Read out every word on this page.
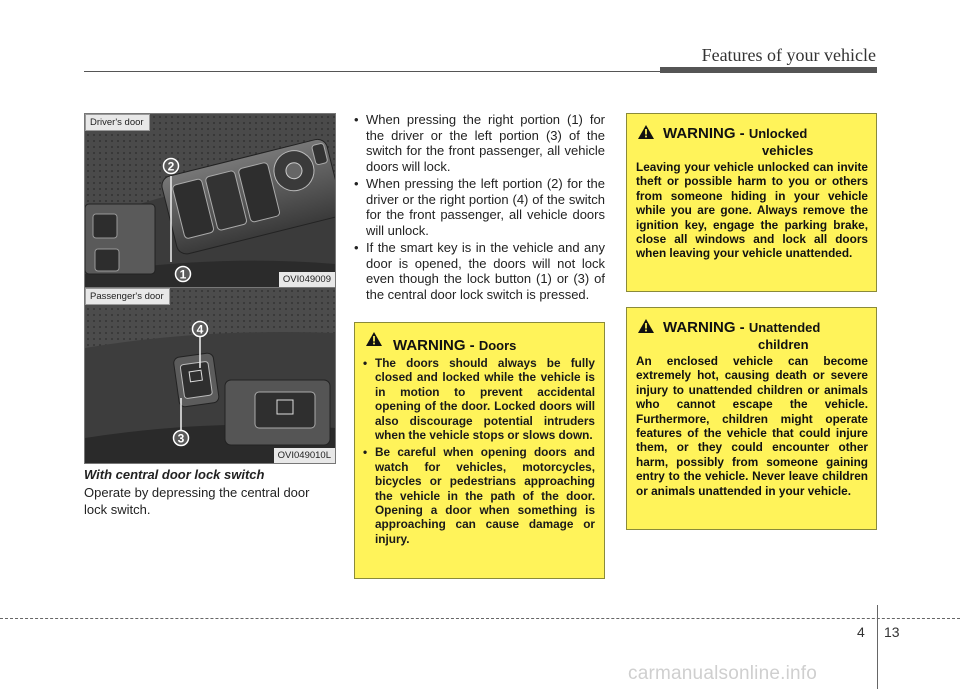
Features of your vehicle
2
1
Driver's door
OVI049009
4
3
Passenger's door
OVI049010L
With central door lock switch
Operate by depressing the central door lock switch.
• When pressing the right portion (1) for the driver or the left portion (3) of the switch for the front passenger, all vehicle doors will lock.
• When pressing the left portion (2) for the driver or the right portion (4) of the switch for the front passenger, all vehicle doors will unlock.
• If the smart key is in the vehicle and any door is opened, the doors will not lock even though the lock button (1) or (3) of the central door lock switch is pressed.
WARNING - Doors
• The doors should always be fully closed and locked while the vehicle is in motion to prevent accidental opening of the door. Locked doors will also discourage potential intruders when the vehicle stops or slows down.
• Be careful when opening doors and watch for vehicles, motorcycles, bicycles or pedestrians approaching the vehicle in the path of the door. Opening a door when something is approaching can cause damage or injury.
WARNING - Unlocked
vehicles
Leaving your vehicle unlocked can invite theft or possible harm to you or others from someone hiding in your vehicle while you are gone. Always remove the ignition key, engage the parking brake, close all windows and lock all doors when leaving your vehicle unattended.
WARNING - Unattended
children
An enclosed vehicle can become extremely hot, causing death or severe injury to unattended children or animals who cannot escape the vehicle. Furthermore, children might operate features of the vehicle that could injure them, or they could encounter other harm, possibly from someone gaining entry to the vehicle. Never leave children or animals unattended in your vehicle.
4 13
carmanualsonline.info
